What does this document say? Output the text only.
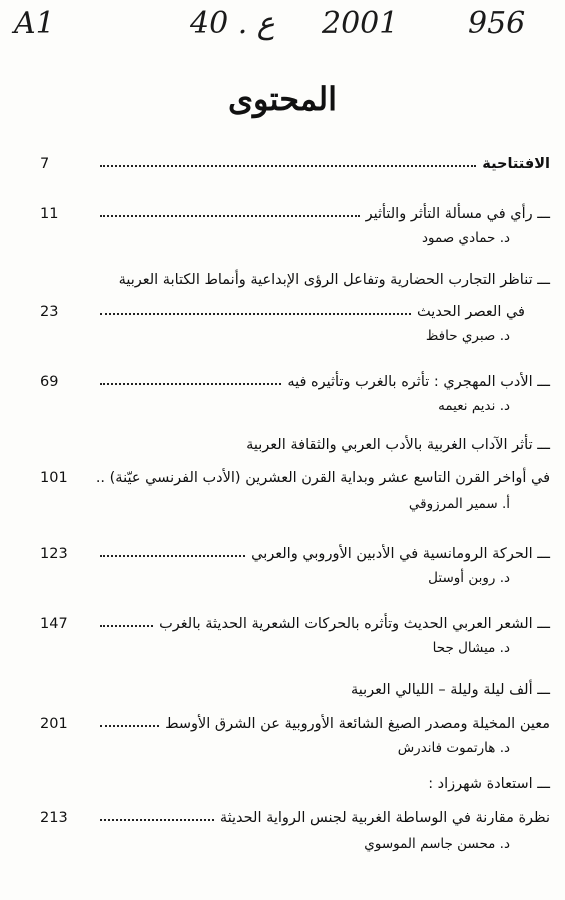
A1	40 . ع 2001 956
المحتوى
الافتتاحية
7
ـــ رأي في مسألة التأثر والتأثير
11
د. حمادي صمود
ـــ تناظر التجارب الحضارية وتفاعل الرؤى الإبداعية وأنماط الكتابة العربية
في العصر الحديث
23
د. صبري حافظ
ـــ الأدب المهجري : تأثره بالغرب وتأثيره فيه
69
د. نديم نعيمه
ـــ تأثر الآداب الغربية بالأدب العربي والثقافة العربية
في أواخر القرن التاسع عشر وبداية القرن العشرين (الأدب الفرنسي عيّنة) ..
101
أ. سمير المرزوقي
ـــ الحركة الرومانسية في الأدبين الأوروبي والعربي
123
د. روبن أوستل
ـــ الشعر العربي الحديث وتأثره بالحركات الشعرية الحديثة بالغرب
147
د. ميشال جحا
ـــ ألف ليلة وليلة – الليالي العربية
معين المخيلة ومصدر الصيغ الشائعة الأوروبية عن الشرق الأوسط
201
د. هارتموت فاندرش
ـــ استعادة شهرزاد :
نظرة مقارنة في الوساطة الغربية لجنس الرواية الحديثة
213
د. محسن جاسم الموسوي
